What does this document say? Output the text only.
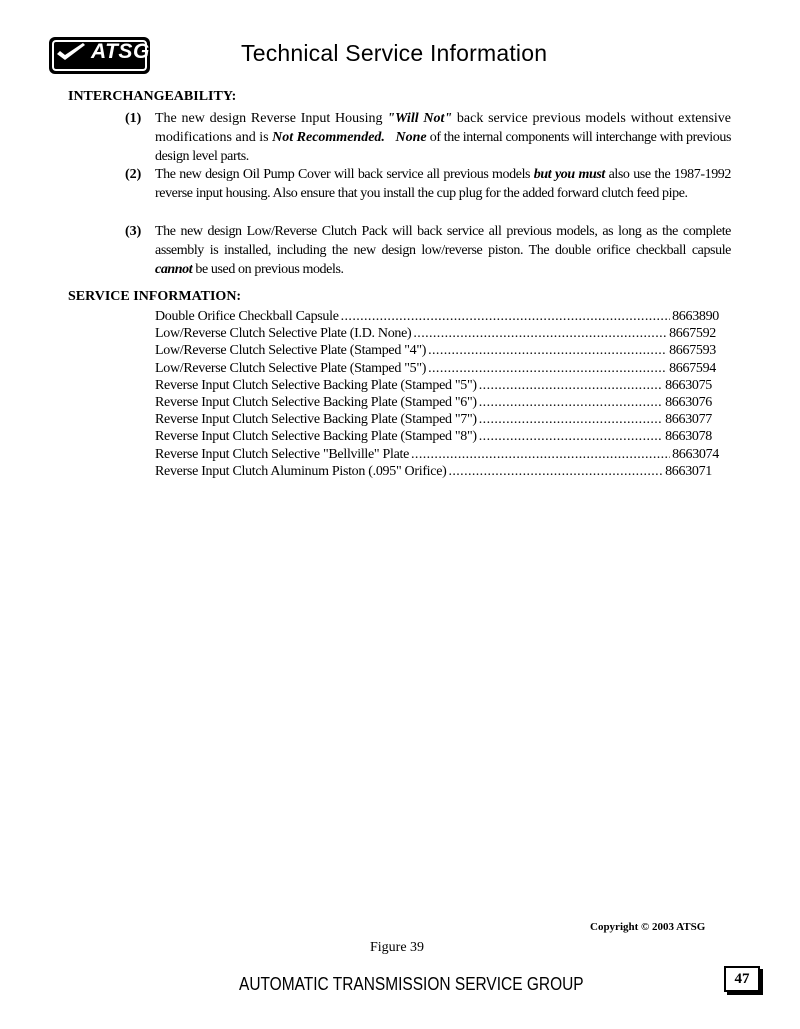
ATSG	Technical Service Information
INTERCHANGEABILITY:
(1) The new design Reverse Input Housing "Will Not" back service previous models without extensive modifications and is Not Recommended. None of the internal components will interchange with previous design level parts.
(2) The new design Oil Pump Cover will back service all previous models but you must also use the 1987-1992 reverse input housing. Also ensure that you install the cup plug for the added forward clutch feed pipe.
(3) The new design Low/Reverse Clutch Pack will back service all previous models, as long as the complete assembly is installed, including the new design low/reverse piston. The double orifice checkball capsule cannot be used on previous models.
SERVICE INFORMATION:
Double Orifice Checkball Capsule .....	8663890
Low/Reverse Clutch Selective Plate (I.D. None) .....	8667592
Low/Reverse Clutch Selective Plate (Stamped "4") .....	8667593
Low/Reverse Clutch Selective Plate (Stamped "5") .....	8667594
Reverse Input Clutch Selective Backing Plate (Stamped "5") .....	8663075
Reverse Input Clutch Selective Backing Plate (Stamped "6") .....	8663076
Reverse Input Clutch Selective Backing Plate (Stamped "7") .....	8663077
Reverse Input Clutch Selective Backing Plate (Stamped "8") .....	8663078
Reverse Input Clutch Selective "Bellville" Plate .....	8663074
Reverse Input Clutch Aluminum Piston (.095" Orifice) .....	8663071
Copyright © 2003 ATSG
Figure 39
AUTOMATIC TRANSMISSION SERVICE GROUP	47
